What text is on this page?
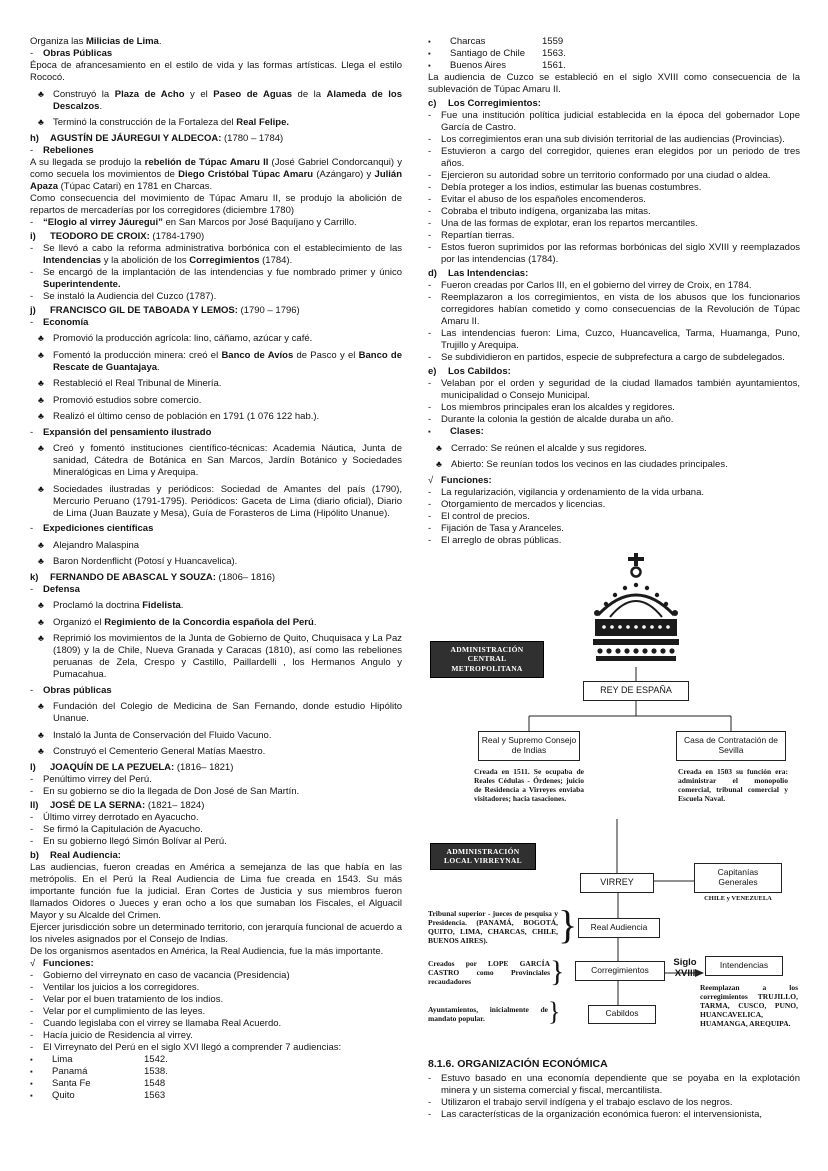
Organiza las Milicias de Lima.
-	Obras Públicas
Época de afrancesamiento en el estilo de vida y las formas artísticas. Llega el estilo Rococó.
♣ Construyó la Plaza de Acho y el Paseo de Aguas de la Alameda de los Descalzos.
♣ Terminó la construcción de la Fortaleza del Real Felipe.
h)	AGUSTÍN DE JÁUREGUI Y ALDECOA: (1780 – 1784)
-	Rebeliones
A su llegada se produjo la rebelión de Túpac Amaru II (José Gabriel Condorcanqui) y como secuela los movimientos de Diego Cristóbal Túpac Amaru (Azángaro) y Julián Apaza (Túpac Catari) en 1781 en Charcas.
Como consecuencia del movimiento de Túpac Amaru II, se produjo la abolición de repartos de mercaderías por los corregidores (diciembre 1780)
-	“Elogio al virrey Jáuregui” en San Marcos por José Baquíjano y Carrillo.
i)	TEODORO DE CROIX: (1784-1790)
-	Se llevó a cabo la reforma administrativa borbónica con el establecimiento de las Intendencias y la abolición de los Corregimientos (1784).
-	Se encargó de la implantación de las intendencias y fue nombrado primer y único Superintendente.
-	Se instaló la Audiencia del Cuzco (1787).
j)	FRANCISCO GIL DE TABOADA Y LEMOS: (1790 – 1796)
-	Economía
♣ Promovió la producción agrícola: lino, cáñamo, azúcar y café.
♣ Fomentó la producción minera: creó el Banco de Avíos de Pasco y el Banco de Rescate de Guantajaya.
♣ Restableció el Real Tribunal de Minería.
♣ Promovió estudios sobre comercio.
♣ Realizó el último censo de población en 1791 (1 076 122 hab.).
-	Expansión del pensamiento ilustrado
♣ Creó y fomentó instituciones científico-técnicas: Academia Náutica, Junta de sanidad, Cátedra de Botánica en San Marcos, Jardín Botánico y Sociedades Mineralógicas en Lima y Arequipa.
♣ Sociedades ilustradas y periódicos: Sociedad de Amantes del país (1790), Mercurio Peruano (1791-1795). Periódicos: Gaceta de Lima (diario oficial), Diario de Lima (Juan Bauzate y Mesa), Guía de Forasteros de Lima (Hipólito Unanue).
-	Expediciones científicas
♣ Alejandro Malaspina
♣ Baron Nordenflicht (Potosí y Huancavelica).
k)	FERNANDO DE ABASCAL Y SOUZA: (1806– 1816)
-	Defensa
♣ Proclamó la doctrina Fidelista.
♣ Organizó el Regimiento de la Concordia española del Perú.
♣ Reprimió los movimientos de la Junta de Gobierno de Quito, Chuquisaca y La Paz (1809) y la de Chile, Nueva Granada y Caracas (1810), así como las rebeliones peruanas de Zela, Crespo y Castillo, Paillardelli , los Hermanos Angulo y Pumacahua.
-	Obras públicas
♣ Fundación del Colegio de Medicina de San Fernando, donde estudio Hipólito Unanue.
♣ Instaló la Junta de Conservación del Fluido Vacuno.
♣ Construyó el Cementerio General Matías Maestro.
l)	JOAQUÍN DE LA PEZUELA: (1816– 1821)
-	Penúltimo virrey del Perú.
-	En su gobierno se dio la llegada de Don José de San Martín.
ll)	JOSÉ DE LA SERNA: (1821– 1824)
-	Último virrey derrotado en Ayacucho.
-	Se firmó la Capitulación de Ayacucho.
-	En su gobierno llegó Simón Bolívar al Perú.
b)	Real Audiencia:
Las audiencias, fueron creadas en América a semejanza de las que había en las metrópolis. En el Perú la Real Audiencia de Lima fue creada en 1543. Su más importante función fue la judicial. Eran Cortes de Justicia y sus miembros fueron llamados Oidores o Jueces y eran ocho a los que sumaban los Fiscales, el Alguacil Mayor y su Alcalde del Crimen.
Ejercer jurisdicción sobre un determinado territorio, con jerarquía funcional de acuerdo a los niveles asignados por el Consejo de Indias.
De los organismos asentados en América, la Real Audiencia, fue la más importante.
√ Funciones:
-	Gobierno del virreynato en caso de vacancia (Presidencia)
-	Ventilar los juicios a los corregidores.
-	Velar por el buen tratamiento de los indios.
-	Velar por el cumplimiento de las leyes.
-	Cuando legislaba con el virrey se llamaba Real Acuerdo.
-	Hacía juicio de Residencia al virrey.
-	El Virreynato del Perú en el siglo XVI llegó a comprender 7 audiencias:
▪	Lima	1542.
▪	Panamá	1538.
▪	Santa Fe	1548
▪	Quito	1563
▪	Charcas	1559
▪	Santiago de Chile	1563.
▪	Buenos Aires	1561.
La audiencia de Cuzco se estableció en el siglo XVIII como consecuencia de la sublevación de Túpac Amaru II.
c)	Los Corregimientos:
-	Fue una institución política judicial establecida en la época del gobernador Lope García de Castro.
-	Los corregimientos eran una sub división territorial de las audiencias (Provincias).
-	Estuvieron a cargo del corregidor, quienes eran elegidos por un periodo de tres años.
-	Ejercieron su autoridad sobre un territorio conformado por una ciudad o aldea.
-	Debía proteger a los indios, estimular las buenas costumbres.
-	Evitar el abuso de los españoles encomenderos.
-	Cobraba el tributo indígena, organizaba las mitas.
-	Una de las formas de explotar, eran los repartos mercantiles.
-	Repartían tierras.
-	Estos fueron suprimidos por las reformas borbónicas del siglo XVIII y reemplazados por las intendencias (1784).
d)	Las Intendencias:
-	Fueron creadas por Carlos III, en el gobierno del virrey de Croix, en 1784.
-	Reemplazaron a los corregimientos, en vista de los abusos que los funcionarios corregidores habían cometido y como consecuencias de la Revolución de Túpac Amaru II.
-	Las intendencias fueron: Lima, Cuzco, Huancavelica, Tarma, Huamanga, Puno, Trujillo y Arequipa.
-	Se subdividieron en partidos, especie de subprefectura a cargo de subdelegados.
e)	Los Cabildos:
-	Velaban por el orden y seguridad de la ciudad llamados también ayuntamientos, municipalidad o Consejo Municipal.
-	Los miembros principales eran los alcaldes y regidores.
-	Durante la colonia la gestión de alcalde duraba un año.
▪	Clases:
♣ Cerrado: Se reúnen el alcalde y sus regidores.
♣ Abierto: Se reunían todos los vecinos en las ciudades principales.
√ Funciones:
-	La regularización, vigilancia y ordenamiento de la vida urbana.
-	Otorgamiento de mercados y licencias.
-	El control de precios.
-	Fijación de Tasa y Aranceles.
-	El arreglo de obras públicas.
ADMINISTRACIÓN CENTRAL METROPOLITANA
REY DE ESPAÑA
Real y Supremo Consejo de Indias
Casa de Contratación de Sevilla
Creada en 1511. Se ocupaba de Reales Cédulas - Órdenes; juicio de Residencia a Virreyes enviaba visitadores; hacia tasaciones.
Creada en 1503 su función era: administrar el monopolio comercial, tribunal comercial y Escuela Naval.
ADMINISTRACIÓN LOCAL VIRREYNAL
VIRREY
Capitanías Generales
CHILE y VENEZUELA
Real Audiencia
Tribunal superior - jueces de pesquisa y Presidencia. (PANAMÁ, BOGOTÁ, QUITO, LIMA, CHARCAS, CHILE, BUENOS AIRES).	}
Corregimientos
Creados por LOPE GARCÍA CASTRO como Provinciales recaudadores	}	Siglo XVIII
Intendencias
Reemplazan a los corregimientos TRUJILLO, TARMA, CUSCO, PUNO, HUANCAVELICA, HUAMANGA, AREQUIPA.
Cabildos
Ayuntamientos, inicialmente de mandato popular.	}
8.1.6. ORGANIZACIÓN ECONÓMICA
-	Estuvo basado en una economía dependiente que se poyaba en la explotación minera y un sistema comercial y fiscal, mercantilista.
-	Utilizaron el trabajo servil indígena y el trabajo esclavo de los negros.
-	Las características de la organización económica fueron: el intervensionista,
